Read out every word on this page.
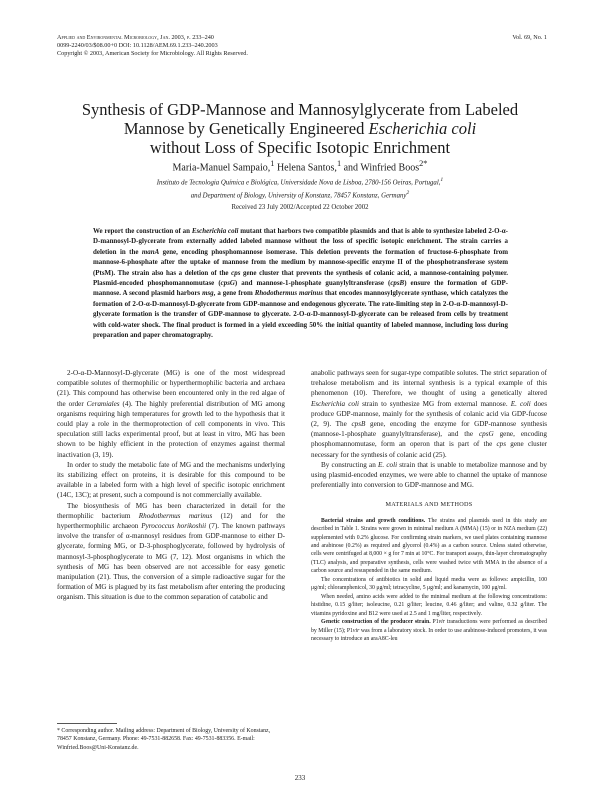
Applied and Environmental Microbiology, Jan. 2003, p. 233–240
0099-2240/03/$08.00+0 DOI: 10.1128/AEM.69.1.233–240.2003
Copyright © 2003, American Society for Microbiology. All Rights Reserved.
Vol. 69, No. 1
Synthesis of GDP-Mannose and Mannosylglycerate from Labeled
Mannose by Genetically Engineered Escherichia coli
without Loss of Specific Isotopic Enrichment
Maria-Manuel Sampaio,$^1$ Helena Santos,$^1$ and Winfried Boos$^{2*}$
Instituto de Tecnologia Química e Biológica, Universidade Nova de Lisboa, 2780-156 Oeiras, Portugal,$^1$
and Department of Biology, University of Konstanz, 78457 Konstanz, Germany$^2$
Received 23 July 2002/Accepted 22 October 2002
We report the construction of an Escherichia coli mutant that harbors two compatible plasmids and that is able to synthesize labeled 2-O-α-D-mannosyl-D-glycerate from externally added labeled mannose without the loss of specific isotopic enrichment. The strain carries a deletion in the manA gene, encoding phosphomannose isomerase. This deletion prevents the formation of fructose-6-phosphate from mannose-6-phosphate after the uptake of mannose from the medium by mannose-specific enzyme II of the phosphotransferase system (PtsM). The strain also has a deletion of the cps gene cluster that prevents the synthesis of colanic acid, a mannose-containing polymer. Plasmid-encoded phosphomannomutase (cpsG) and mannose-1-phosphate guanylyltransferase (cpsB) ensure the formation of GDP-mannose. A second plasmid harbors msg, a gene from Rhodothermus marinus that encodes mannosylglycerate synthase, which catalyzes the formation of 2-O-α-D-mannosyl-D-glycerate from GDP-mannose and endogenous glycerate. The rate-limiting step in 2-O-α-D-mannosyl-D-glycerate formation is the transfer of GDP-mannose to glycerate. 2-O-α-D-mannosyl-D-glycerate can be released from cells by treatment with cold-water shock. The final product is formed in a yield exceeding 50% the initial quantity of labeled mannose, including loss during preparation and paper chromatography.

2-O-α-D-Mannosyl-D-glycerate (MG) is one of the most widespread compatible solutes of thermophilic or hyperthermophilic bacteria and archaea (21). This compound has otherwise been encountered only in the red algae of the order Ceramiales (4). The highly preferential distribution of MG among organisms requiring high temperatures for growth led to the hypothesis that it could play a role in the thermoprotection of cell components in vivo. This speculation still lacks experimental proof, but at least in vitro, MG has been shown to be highly efficient in the protection of enzymes against thermal inactivation (3, 19).

In order to study the metabolic fate of MG and the mechanisms underlying its stabilizing effect on proteins, it is desirable for this compound to be available in a labeled form with a high level of specific isotopic enrichment (14C, 13C); at present, such a compound is not commercially available.

The biosynthesis of MG has been characterized in detail for the thermophilic bacterium Rhodothermus marinus (12) and for the hyperthermophilic archaeon Pyrococcus horikoshii (7). The known pathways involve the transfer of α-mannosyl residues from GDP-mannose to either D-glycerate, forming MG, or D-3-phosphoglycerate, followed by hydrolysis of mannosyl-3-phosphoglycerate to MG (7, 12). Most organisms in which the synthesis of MG has been observed are not accessible for easy genetic manipulation (21). Thus, the conversion of a simple radioactive sugar for the formation of MG is plagued by its fast metabolism after entering the producing organism. This situation is due to the common separation of catabolic and

anabolic pathways seen for sugar-type compatible solutes. The strict separation of trehalose metabolism and its internal synthesis is a typical example of this phenomenon (10). Therefore, we thought of using a genetically altered Escherichia coli strain to synthesize MG from external mannose. E. coli does produce GDP-mannose, mainly for the synthesis of colanic acid via GDP-fucose (2, 9). The cpsB gene, encoding the enzyme for GDP-mannose synthesis (mannose-1-phosphate guanylyltransferase), and the cpsG gene, encoding phosphomannomutase, form an operon that is part of the cps gene cluster necessary for the synthesis of colanic acid (25).

By constructing an E. coli strain that is unable to metabolize mannose and by using plasmid-encoded enzymes, we were able to channel the uptake of mannose preferentially into conversion to GDP-mannose and MG.

MATERIALS AND METHODS

Bacterial strains and growth conditions. The strains and plasmids used in this study are described in Table 1. Strains were grown in minimal medium A (MMA) (15) or in NZA medium (22) supplemented with 0.2% glucose. For confirming strain markers, we used plates containing mannose and arabinose (0.2%) as required and glycerol (0.4%) as a carbon source. Unless stated otherwise, cells were centrifuged at 8,000 × g for 7 min at 10°C. For transport assays, thin-layer chromatography (TLC) analysis, and preparative synthesis, cells were washed twice with MMA in the absence of a carbon source and resuspended in the same medium.

The concentrations of antibiotics in solid and liquid media were as follows: ampicillin, 100 μg/ml; chloramphenicol, 30 μg/ml; tetracycline, 5 μg/ml; and kanamycin, 100 μg/ml.

When needed, amino acids were added to the minimal medium at the following concentrations: histidine, 0.15 g/liter; isoleucine, 0.21 g/liter; leucine, 0.46 g/liter; and valine, 0.32 g/liter. The vitamins pyridoxine and B12 were used at 2.5 and 1 mg/liter, respectively.

Genetic construction of the producer strain. P1vir transductions were performed as described by Miller (15); P1vir was from a laboratory stock. In order to use arabinose-induced promoters, it was necessary to introduce an araA8C-leu

* Corresponding author. Mailing address: Department of Biology, University of Konstanz, 78457 Konstanz, Germany. Phone: 49-7531-882658. Fax: 49-7531-883356. E-mail: Winfried.Boos@Uni-Konstanz.de.
233
